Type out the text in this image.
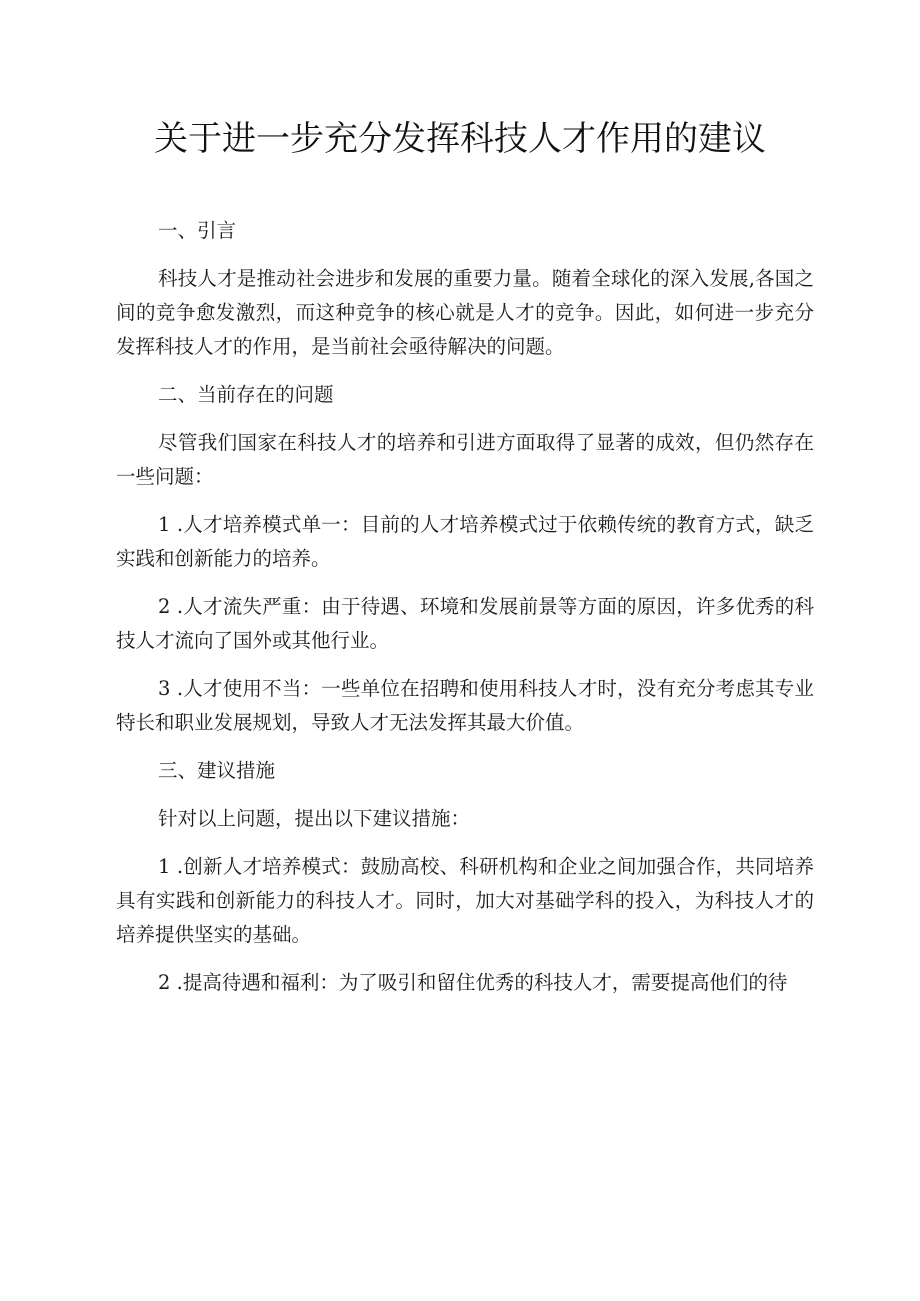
关于进一步充分发挥科技人才作用的建议

一、引言

科技人才是推动社会进步和发展的重要力量。随着全球化的深入发展,各国之间的竞争愈发激烈，而这种竞争的核心就是人才的竞争。因此，如何进一步充分发挥科技人才的作用，是当前社会亟待解决的问题。

二、当前存在的问题

尽管我们国家在科技人才的培养和引进方面取得了显著的成效，但仍然存在一些问题：

1 .人才培养模式单一：目前的人才培养模式过于依赖传统的教育方式，缺乏实践和创新能力的培养。

2 .人才流失严重：由于待遇、环境和发展前景等方面的原因，许多优秀的科技人才流向了国外或其他行业。

3 .人才使用不当：一些单位在招聘和使用科技人才时，没有充分考虑其专业特长和职业发展规划，导致人才无法发挥其最大价值。

三、建议措施

针对以上问题，提出以下建议措施：

1 .创新人才培养模式：鼓励高校、科研机构和企业之间加强合作，共同培养具有实践和创新能力的科技人才。同时，加大对基础学科的投入，为科技人才的培养提供坚实的基础。

2 .提高待遇和福利：为了吸引和留住优秀的科技人才，需要提高他们的待
